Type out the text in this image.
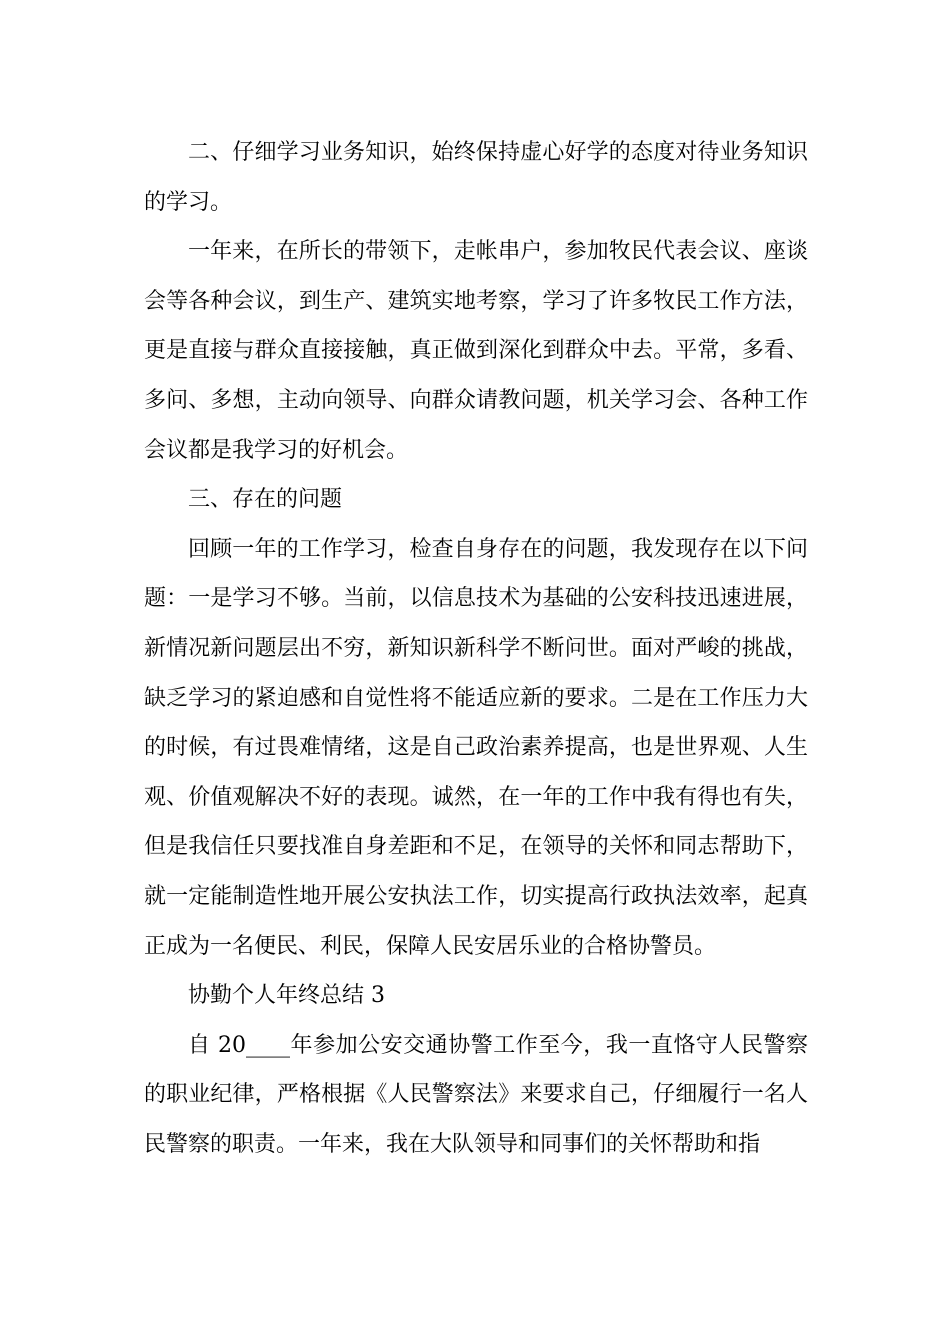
二、仔细学习业务知识，始终保持虚心好学的态度对待业务知识的学习。

一年来，在所长的带领下，走帐串户，参加牧民代表会议、座谈会等各种会议，到生产、建筑实地考察，学习了许多牧民工作方法，更是直接与群众直接接触，真正做到深化到群众中去。平常，多看、多问、多想，主动向领导、向群众请教问题，机关学习会、各种工作会议都是我学习的好机会。

三、存在的问题

回顾一年的工作学习，检查自身存在的问题，我发现存在以下问题：一是学习不够。当前，以信息技术为基础的公安科技迅速进展，新情况新问题层出不穷，新知识新科学不断问世。面对严峻的挑战，缺乏学习的紧迫感和自觉性将不能适应新的要求。二是在工作压力大的时候，有过畏难情绪，这是自己政治素养提高，也是世界观、人生观、价值观解决不好的表现。诚然，在一年的工作中我有得也有失，但是我信任只要找准自身差距和不足，在领导的关怀和同志帮助下，就一定能制造性地开展公安执法工作，切实提高行政执法效率，起真正成为一名便民、利民，保障人民安居乐业的合格协警员。

协勤个人年终总结 3

自 20____年参加公安交通协警工作至今，我一直恪守人民警察的职业纪律，严格根据《人民警察法》来要求自己，仔细履行一名人民警察的职责。一年来，我在大队领导和同事们的关怀帮助和指
